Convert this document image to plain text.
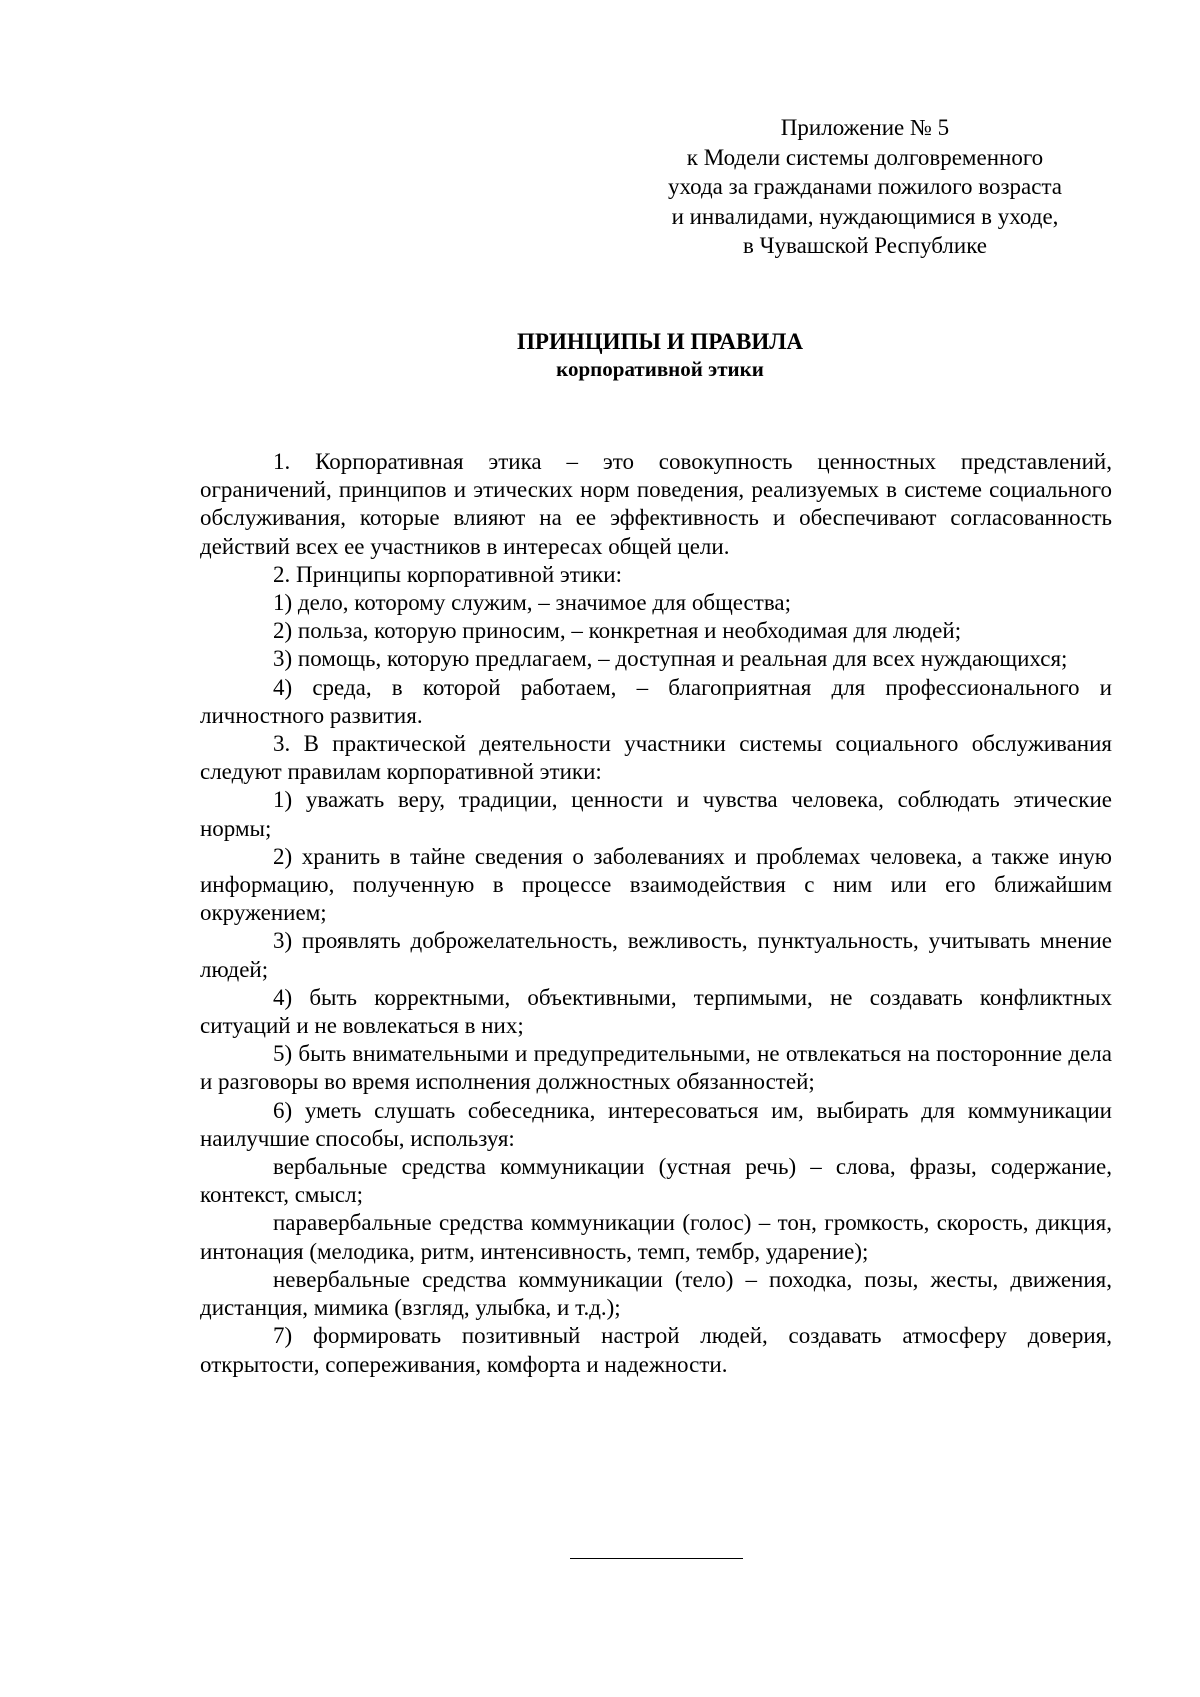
Приложение № 5
к Модели системы долговременного
ухода за гражданами пожилого возраста
и инвалидами, нуждающимися в уходе,
в Чувашской Республике
ПРИНЦИПЫ И ПРАВИЛА
корпоративной этики

1. Корпоративная этика – это совокупность ценностных представлений, ограничений, принципов и этических норм поведения, реализуемых в системе социального обслуживания, которые влияют на ее эффективность и обеспечивают согласованность действий всех ее участников в интересах общей цели.

2. Принципы корпоративной этики:

1) дело, которому служим, – значимое для общества;

2) польза, которую приносим, – конкретная и необходимая для людей;

3) помощь, которую предлагаем, – доступная и реальная для всех нуждающихся;

4) среда, в которой работаем, – благоприятная для профессионального и личностного развития.

3. В практической деятельности участники системы социального обслуживания следуют правилам корпоративной этики:

1) уважать веру, традиции, ценности и чувства человека, соблюдать этические нормы;

2) хранить в тайне сведения о заболеваниях и проблемах человека, а также иную информацию, полученную в процессе взаимодействия с ним или его ближайшим окружением;

3) проявлять доброжелательность, вежливость, пунктуальность, учитывать мнение людей;

4) быть корректными, объективными, терпимыми, не создавать конфликтных ситуаций и не вовлекаться в них;

5) быть внимательными и предупредительными, не отвлекаться на посторонние дела и разговоры во время исполнения должностных обязанностей;

6) уметь слушать собеседника, интересоваться им, выбирать для коммуникации наилучшие способы, используя:

вербальные средства коммуникации (устная речь) – слова, фразы, содержание, контекст, смысл;

паравербальные средства коммуникации (голос) – тон, громкость, скорость, дикция, интонация (мелодика, ритм, интенсивность, темп, тембр, ударение);

невербальные средства коммуникации (тело) – походка, позы, жесты, движения, дистанция, мимика (взгляд, улыбка, и т.д.);

7) формировать позитивный настрой людей, создавать атмосферу доверия, открытости, сопереживания, комфорта и надежности.
